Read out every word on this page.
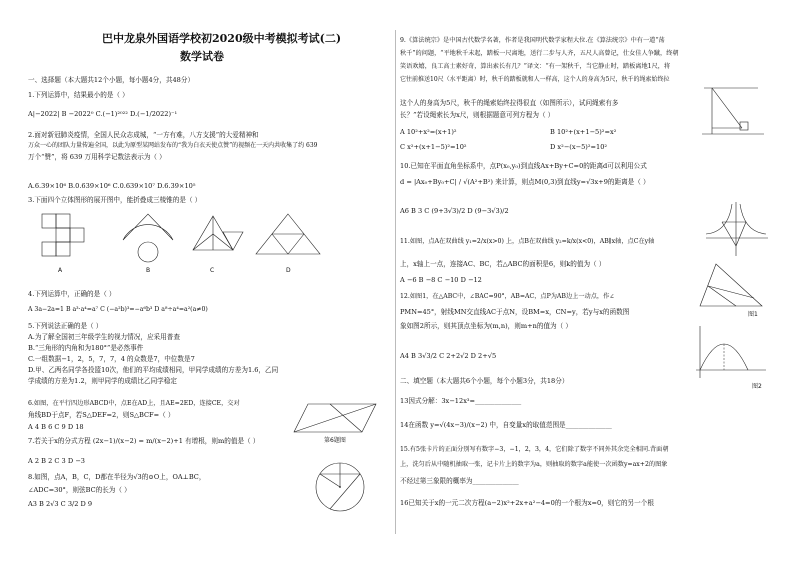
巴中龙泉外国语学校初2020级中考模拟考试(二)
数学试卷
一、选择题（本大题共12个小题，每小题4分，共48分）
1.下列运算中，结果最小的是（ ）
A|−2022| B −2022⁰ C.(−1)²⁰²² D.(−1/2022)⁻¹
2.面对新冠肺炎疫情，全国人民众志成城，“一方有难，八方支援”的大爱精神和
万众一心的团队力量传遍全国，以此为原型某网站发布的“我为白衣天使点赞”的视频在一天内共收集了约 639
万个“赞”，将 639 万用科学记数法表示为（ ）
A.6.39×10⁶ B.0.639×10⁶ C.0.639×10⁷ D.6.39×10⁵
3.下面四个立体图形的展开图中，能折叠成三棱锥的是（ ）
A	B	C	D
4.下列运算中，正确的是（ ）
A 3a−2a=1 B a³·a⁴=a⁷ C (−a²b)³=−a⁶b³ D a⁸÷a⁴=a²(a≠0)
5.下列说法正确的是（ ）
A.为了解全国初三年级学生的视力情况，应采用普查
B.“三角形的内角和为180°”是必然事件
C.一组数据−1，2，5，7，7，4 的众数是7，中位数是7
D.甲、乙两名同学各投篮10次，他们的平均成绩相同，甲同学成绩的方差为1.6，乙同
学成绩的方差为1.2，则甲同学的成绩比乙同学稳定
6.如图，在平行四边形ABCD中，点E在AD上，且AE=2ED，连接CE，交对
角线BD于点F，若S△DEF=2，则S△BCF=（ ）
A 4 B 6 C 9 D 18
第6题图
7.若关于x的分式方程 (2x−1)/(x−2) = m/(x−2)+1 有增根，则m的值是（ ）
A 2 B 2 C 3 D −3
8.如图，点A，B，C，D都在半径为√3的⊙O上，OA⊥BC，
∠ADC=30°，则弦BC的长为（ ）
A3 B 2√3 C 3/2 D 9
9.《算法统宗》是中国古代数学名著，作者是我国明代数学家程大位.在《算法统宗》中有一道“荡
秋千”的问题，“平地秋千未起，踏板一尺离地，送行二步与人齐，五尺人高曾记，仕女佳人争蹴，终朝
笑语欢嬉，良工高士素好奇，算出索长有几？”译文：“有一架秋千，当它静止时，踏板离地1尺，将
它往前推送10尺（水平距离）时，秋千的踏板就和人一样高，这个人的身高为5尺，秋千的绳索始终拉
这个人的身高为5尺，秋千的绳索始终拉得很直（如图所示），试问绳索有多
长？”若设绳索长为x尺，则根据题意可列方程为（ ）
A 10²+x²=(x+1)²	B 10²+(x+1−5)²=x²
C x²+(x+1−5)²=10²	D x²−(x−5)²=10²
10.已知在平面直角坐标系中，点P(x₀,y₀)到直线Ax+By+C=0的距离d可以利用公式
d = |Ax₀+By₀+C| / √(A²+B²) 来计算，则点M(0,3)到直线y=√3x+9的距离是（ ）
A6 B 3 C (9+3√3)/2 D (9−3√3)/2
11.如图，点A在双曲线 y₁=2/x(x>0) 上，点B在双曲线 y₂=k/x(x<0)，AB∥x轴，点C在y轴
上，x轴上一点，连接AC、BC，若△ABC的面积是6，则k的值为（ ）
A −6 B −8 C −10 D −12
12.如图1，在△ABC中，∠BAC=90°，AB=AC，点P为AB边上一动点，作∠
PMN=45°，射线MN交直线AC于点N，设BM=x，CN=y，若y与x的函数图
象如图2所示，则其顶点坐标为(m,n)，则m+n的值为（ ）
A4 B 3√3/2 C 2+2√2 D 2+√5
图1
图2
二、填空题（本大题共6个小题，每个小题3分，共18分）
13因式分解：3x−12x³=______________
14在函数 y=√(4x−3)/(x−2) 中，自变量x的取值范围是______________
15.有5张卡片的正面分别写有数字−3，−1，2，3，4，它们除了数字不同外其余完全相同.背面朝
上，洗匀后从中随机抽取一张，记卡片上的数字为a，则抽取的数字a能使一次函数y=ax+2的图象
不经过第三象限的概率为______________
16已知关于x的一元二次方程(a−2)x²+2x+a²−4=0的一个根为x=0，则它的另一个根
